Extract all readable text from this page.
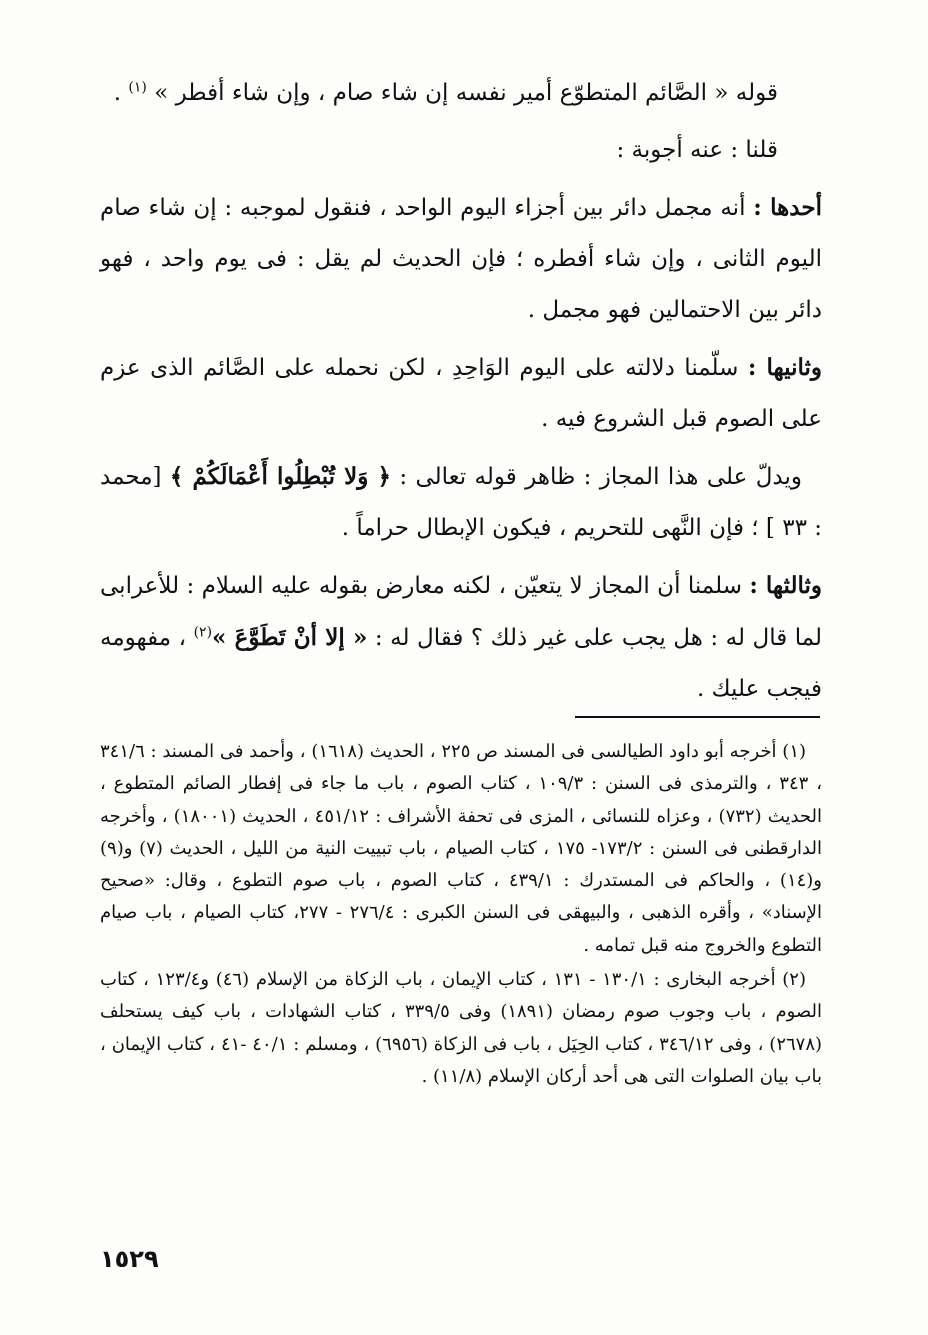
قوله « الصَّائم المتطوّع أمير نفسه إن شاء صام ، وإن شاء أفطر » $^{(١)}$ .

قلنا : عنه أجوبة :

أحدها : أنه مجمل دائر بين أجزاء اليوم الواحد ، فنقول لموجبه : إن شاء صام اليوم الثانى ، وإن شاء أفطره ؛ فإن الحديث لم يقل : فى يوم واحد ، فهو دائر بين الاحتمالين فهو مجمل .

وثانيها : سلّمنا دلالته على اليوم الوَاحِدِ ، لكن نحمله على الصَّائم الذى عزم على الصوم قبل الشروع فيه .

ويدلّ على هذا المجاز : ظاهر قوله تعالى : ﴿ وَلا تُبْطِلُوا أَعْمَالَكُمْ ﴾ [محمد : ٣٣ ] ؛ فإن النَّهى للتحريم ، فيكون الإبطال حراماً .

وثالثها : سلمنا أن المجاز لا يتعيّن ، لكنه معارض بقوله عليه السلام : للأعرابى لما قال له : هل يجب على غير ذلك ؟ فقال له : « إلا أنْ تَطَوَّعَ »$^{(٢)}$ ، مفهومه فيجب عليك .

(١) أخرجه أبو داود الطيالسى فى المسند ص ٢٢٥ ، الحديث (١٦١٨) ، وأحمد فى المسند : ٣٤١/٦ ، ٣٤٣ ، والترمذى فى السنن : ١٠٩/٣ ، كتاب الصوم ، باب ما جاء فى إفطار الصائم المتطوع ، الحديث (٧٣٢) ، وعزاه للنسائى ، المزى فى تحفة الأشراف : ٤٥١/١٢ ، الحديث (١٨٠٠١) ، وأخرجه الدارقطنى فى السنن : ١٧٣/٢- ١٧٥ ، كتاب الصيام ، باب تبييت النية من الليل ، الحديث (٧) و(٩) و(١٤) ، والحاكم فى المستدرك : ٤٣٩/١ ، كتاب الصوم ، باب صوم التطوع ، وقال: «صحيح الإسناد» ، وأقره الذهبى ، والبيهقى فى السنن الكبرى : ٢٧٦/٤ - ٢٧٧، كتاب الصيام ، باب صيام التطوع والخروج منه قبل تمامه .

(٢) أخرجه البخارى : ١٣٠/١ - ١٣١ ، كتاب الإيمان ، باب الزكاة من الإسلام (٤٦) و١٢٣/٤ ، كتاب الصوم ، باب وجوب صوم رمضان (١٨٩١) وفى ٣٣٩/٥ ، كتاب الشهادات ، باب كيف يستحلف (٢٦٧٨) ، وفى ٣٤٦/١٢ ، كتاب الحِيَل ، باب فى الزكاة (٦٩٥٦) ، ومسلم : ٤٠/١ -٤١ ، كتاب الإيمان ، باب بيان الصلوات التى هى أحد أركان الإسلام (١١/٨) .

١٥٢٩
